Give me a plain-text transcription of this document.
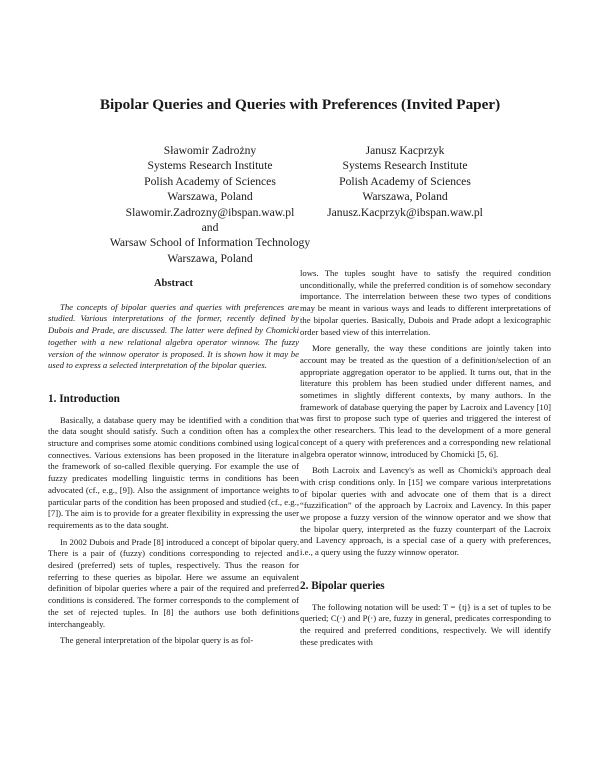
Bipolar Queries and Queries with Preferences (Invited Paper)
Sławomir Zadrożny
Systems Research Institute
Polish Academy of Sciences
Warszawa, Poland
Slawomir.Zadrozny@ibspan.waw.pl
and
Warsaw School of Information Technology
Warszawa, Poland
Janusz Kacprzyk
Systems Research Institute
Polish Academy of Sciences
Warszawa, Poland
Janusz.Kacprzyk@ibspan.waw.pl
Abstract

The concepts of bipolar queries and queries with preferences are studied. Various interpretations of the former, recently defined by Dubois and Prade, are discussed. The latter were defined by Chomicki together with a new relational algebra operator winnow. The fuzzy version of the winnow operator is proposed. It is shown how it may be used to express a selected interpretation of the bipolar queries.

1. Introduction

Basically, a database query may be identified with a condition that the data sought should satisfy. Such a condition often has a complex structure and comprises some atomic conditions combined using logical connectives. Various extensions has been proposed in the literature in the framework of so-called flexible querying. For example the use of fuzzy predicates modelling linguistic terms in conditions has been advocated (cf., e.g., [9]). Also the assignment of importance weights to particular parts of the condition has been proposed and studied (cf., e.g., [7]). The aim is to provide for a greater flexibility in expressing the user requirements as to the data sought.

In 2002 Dubois and Prade [8] introduced a concept of bipolar query. There is a pair of (fuzzy) conditions corresponding to rejected and desired (preferred) sets of tuples, respectively. Thus the reason for referring to these queries as bipolar. Here we assume an equivalent definition of bipolar queries where a pair of the required and preferred conditions is considered. The former corresponds to the complement of the set of rejected tuples. In [8] the authors use both definitions interchangeably.

The general interpretation of the bipolar query is as fol-

lows. The tuples sought have to satisfy the required condition unconditionally, while the preferred condition is of somehow secondary importance. The interrelation between these two types of conditions may be meant in various ways and leads to different interpretations of the bipolar queries. Basically, Dubois and Prade adopt a lexicographic order based view of this interrelation.

More generally, the way these conditions are jointly taken into account may be treated as the question of a definition/selection of an appropriate aggregation operator to be applied. It turns out, that in the literature this problem has been studied under different names, and sometimes in slightly different contexts, by many authors. In the framework of database querying the paper by Lacroix and Lavency [10] was first to propose such type of queries and triggered the interest of the other researchers. This lead to the development of a more general concept of a query with preferences and a corresponding new relational algebra operator winnow, introduced by Chomicki [5, 6].

Both Lacroix and Lavency's as well as Chomicki's approach deal with crisp conditions only. In [15] we compare various interpretations of bipolar queries with and advocate one of them that is a direct “fuzzification” of the approach by Lacroix and Lavency. In this paper we propose a fuzzy version of the winnow operator and we show that the bipolar query, interpreted as the fuzzy counterpart of the Lacroix and Lavency approach, is a special case of a query with preferences, i.e., a query using the fuzzy winnow operator.

2. Bipolar queries

The following notation will be used: T = {tj} is a set of tuples to be queried; C(·) and P(·) are, fuzzy in general, predicates corresponding to the required and preferred conditions, respectively. We will identify these predicates with
